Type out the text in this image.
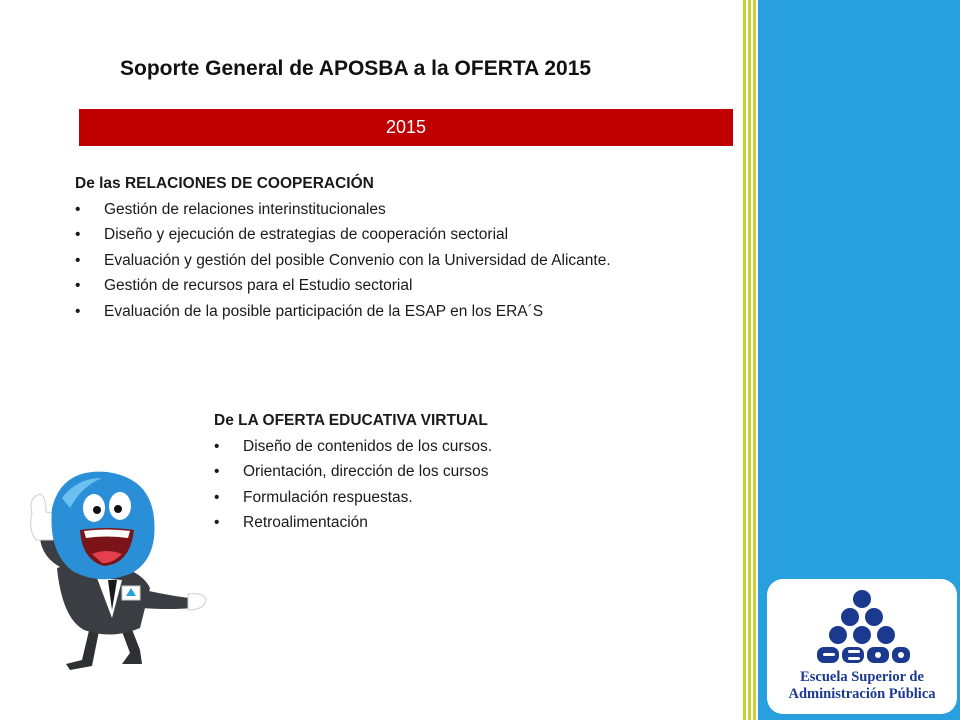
Escuela Superior de
Administración Pública
Soporte General de APOSBA a la OFERTA 2015
2015
De las RELACIONES DE COOPERACIÓN
• Gestión de relaciones interinstitucionales
• Diseño y ejecución de estrategias de cooperación sectorial
• Evaluación y gestión del posible Convenio con la Universidad de Alicante.
• Gestión de recursos para el Estudio sectorial
• Evaluación de la posible participación de la ESAP en los ERA´S
De LA OFERTA EDUCATIVA VIRTUAL
• Diseño de contenidos de los cursos.
• Orientación, dirección de los cursos
• Formulación respuestas.
• Retroalimentación
